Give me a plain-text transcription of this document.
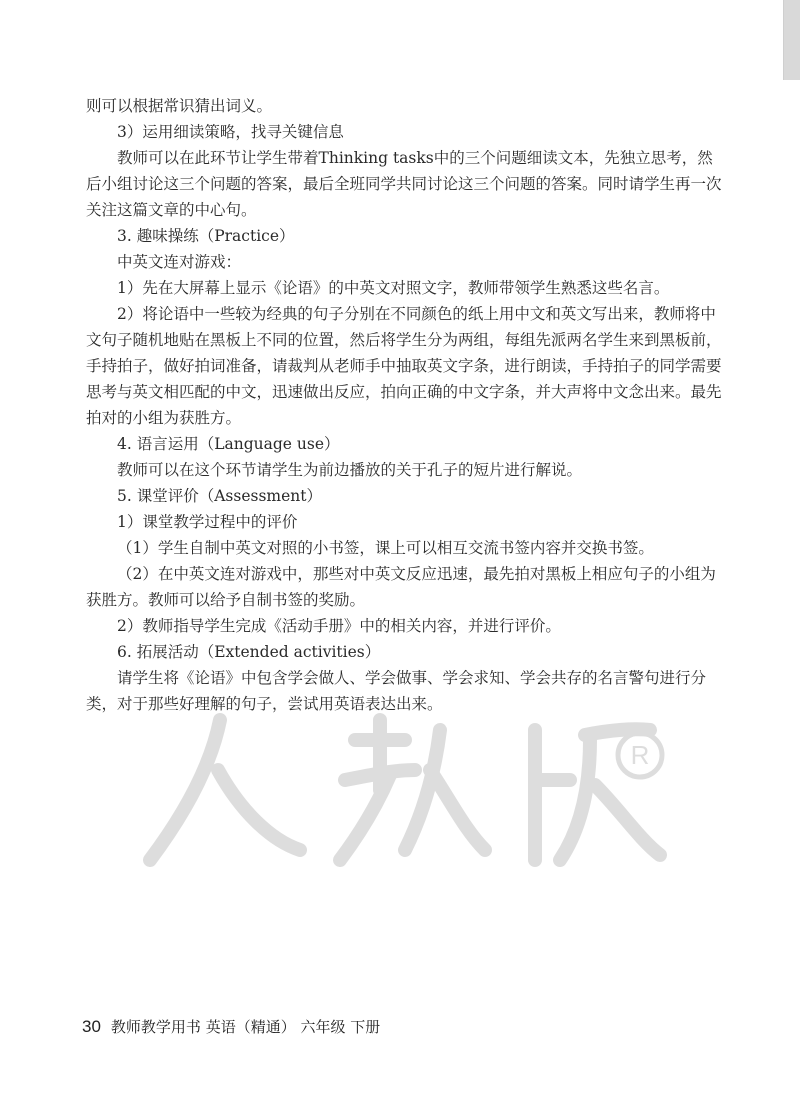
则可以根据常识猜出词义。

3）运用细读策略，找寻关键信息

教师可以在此环节让学生带着Thinking tasks中的三个问题细读文本，先独立思考，然后小组讨论这三个问题的答案，最后全班同学共同讨论这三个问题的答案。同时请学生再一次关注这篇文章的中心句。

3. 趣味操练（Practice）

中英文连对游戏：

1）先在大屏幕上显示《论语》的中英文对照文字，教师带领学生熟悉这些名言。

2）将论语中一些较为经典的句子分别在不同颜色的纸上用中文和英文写出来，教师将中文句子随机地贴在黑板上不同的位置，然后将学生分为两组，每组先派两名学生来到黑板前，手持拍子，做好拍词准备，请裁判从老师手中抽取英文字条，进行朗读，手持拍子的同学需要思考与英文相匹配的中文，迅速做出反应，拍向正确的中文字条，并大声将中文念出来。最先拍对的小组为获胜方。

4. 语言运用（Language use）

教师可以在这个环节请学生为前边播放的关于孔子的短片进行解说。

5. 课堂评价（Assessment）

1）课堂教学过程中的评价

（1）学生自制中英文对照的小书签，课上可以相互交流书签内容并交换书签。

（2）在中英文连对游戏中，那些对中英文反应迅速，最先拍对黑板上相应句子的小组为获胜方。教师可以给予自制书签的奖励。

2）教师指导学生完成《活动手册》中的相关内容，并进行评价。

6. 拓展活动（Extended activities）

请学生将《论语》中包含学会做人、学会做事、学会求知、学会共存的名言警句进行分类，对于那些好理解的句子，尝试用英语表达出来。

R
30 教师教学用书 英语（精通） 六年级 下册
